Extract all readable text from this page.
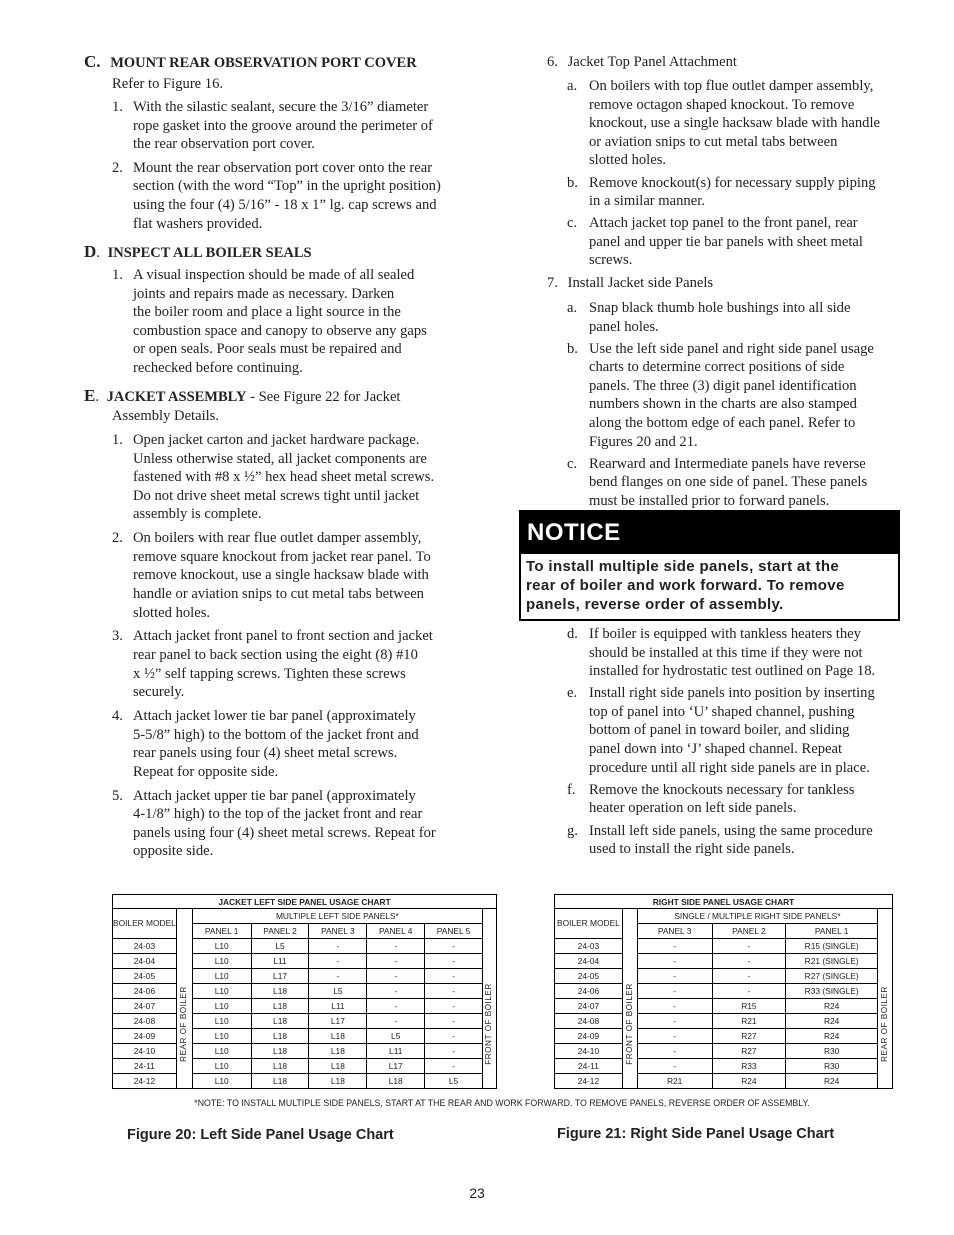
C. MOUNT REAR OBSERVATION PORT COVER
Refer to Figure 16.
1. With the silastic sealant, secure the 3/16” diameter
rope gasket into the groove around the perimeter of
the rear observation port cover.
2. Mount the rear observation port cover onto the rear
section (with the word “Top” in the upright position)
using the four (4) 5/16” - 18 x 1” lg. cap screws and
flat washers provided.
D. INSPECT ALL BOILER SEALS
1. A visual inspection should be made of all sealed
joints and repairs made as necessary. Darken
the boiler room and place a light source in the
combustion space and canopy to observe any gaps
or open seals. Poor seals must be repaired and
rechecked before continuing.
E. JACKET ASSEMBLY - See Figure 22 for Jacket
Assembly Details.
1. Open jacket carton and jacket hardware package.
Unless otherwise stated, all jacket components are
fastened with #8 x ½” hex head sheet metal screws.
Do not drive sheet metal screws tight until jacket
assembly is complete.
2. On boilers with rear flue outlet damper assembly,
remove square knockout from jacket rear panel. To
remove knockout, use a single hacksaw blade with
handle or aviation snips to cut metal tabs between
slotted holes.
3. Attach jacket front panel to front section and jacket
rear panel to back section using the eight (8) #10
x ½” self tapping screws. Tighten these screws
securely.
4. Attach jacket lower tie bar panel (approximately
5-5/8” high) to the bottom of the jacket front and
rear panels using four (4) sheet metal screws.
Repeat for opposite side.
5. Attach jacket upper tie bar panel (approximately
4-1/8” high) to the top of the jacket front and rear
panels using four (4) sheet metal screws. Repeat for
opposite side.
6. Jacket Top Panel Attachment
a. On boilers with top flue outlet damper assembly,
remove octagon shaped knockout. To remove
knockout, use a single hacksaw blade with handle
or aviation snips to cut metal tabs between
slotted holes.
b. Remove knockout(s) for necessary supply piping
in a similar manner.
c. Attach jacket top panel to the front panel, rear
panel and upper tie bar panels with sheet metal
screws.
7. Install Jacket side Panels
a. Snap black thumb hole bushings into all side
panel holes.
b. Use the left side panel and right side panel usage
charts to determine correct positions of side
panels. The three (3) digit panel identification
numbers shown in the charts are also stamped
along the bottom edge of each panel. Refer to
Figures 20 and 21.
c. Rearward and Intermediate panels have reverse
bend flanges on one side of panel. These panels
must be installed prior to forward panels.
d. If boiler is equipped with tankless heaters they
should be installed at this time if they were not
installed for hydrostatic test outlined on Page 18.
e. Install right side panels into position by inserting
top of panel into ‘U’ shaped channel, pushing
bottom of panel in toward boiler, and sliding
panel down into ‘J’ shaped channel. Repeat
procedure until all right side panels are in place.
f. Remove the knockouts necessary for tankless
heater operation on left side panels.
g. Install left side panels, using the same procedure
used to install the right side panels.
NOTICE
To install multiple side panels, start at the
rear of boiler and work forward. To remove
panels, reverse order of assembly.
JACKET LEFT SIDE PANEL USAGE CHART							
BOILER MODEL	REAR OF BOILER	MULTIPLE LEFT SIDE PANELS*					FRONT OF BOILER

		PANEL 1	PANEL 2	PANEL 3	PANEL 4	PANEL 5	
24-03		L10	L5	-	-	-	
24-04		L10	L11	-	-	-	
24-05		L10	L17	-	-	-	
24-06		L10	L18	L5	-	-	
24-07		L10	L18	L11	-	-	
24-08		L10	L18	L17	-	-	
24-09		L10	L18	L18	L5	-	
24-10		L10	L18	L18	L11	-	
24-11		L10	L18	L18	L17	-	
24-12		L10	L18	L18	L18	L5	
RIGHT SIDE PANEL USAGE CHART					
BOILER MODEL	FRONT OF BOILER	SINGLE / MULTIPLE RIGHT SIDE PANELS*			REAR OF BOILER

		PANEL 3	PANEL 2	PANEL 1	
24-03		-	-	R15 (SINGLE)	
24-04		-	-	R21 (SINGLE)	
24-05		-	-	R27 (SINGLE)	
24-06		-	-	R33 (SINGLE)	
24-07		-	R15	R24	
24-08		-	R21	R24	
24-09		-	R27	R24	
24-10		-	R27	R30	
24-11		-	R33	R30	
24-12		R21	R24	R24	
*NOTE: TO INSTALL MULTIPLE SIDE PANELS, START AT THE REAR AND WORK FORWARD. TO REMOVE PANELS, REVERSE ORDER OF ASSEMBLY.
Figure 20: Left Side Panel Usage Chart	Figure 21: Right Side Panel Usage Chart
23
